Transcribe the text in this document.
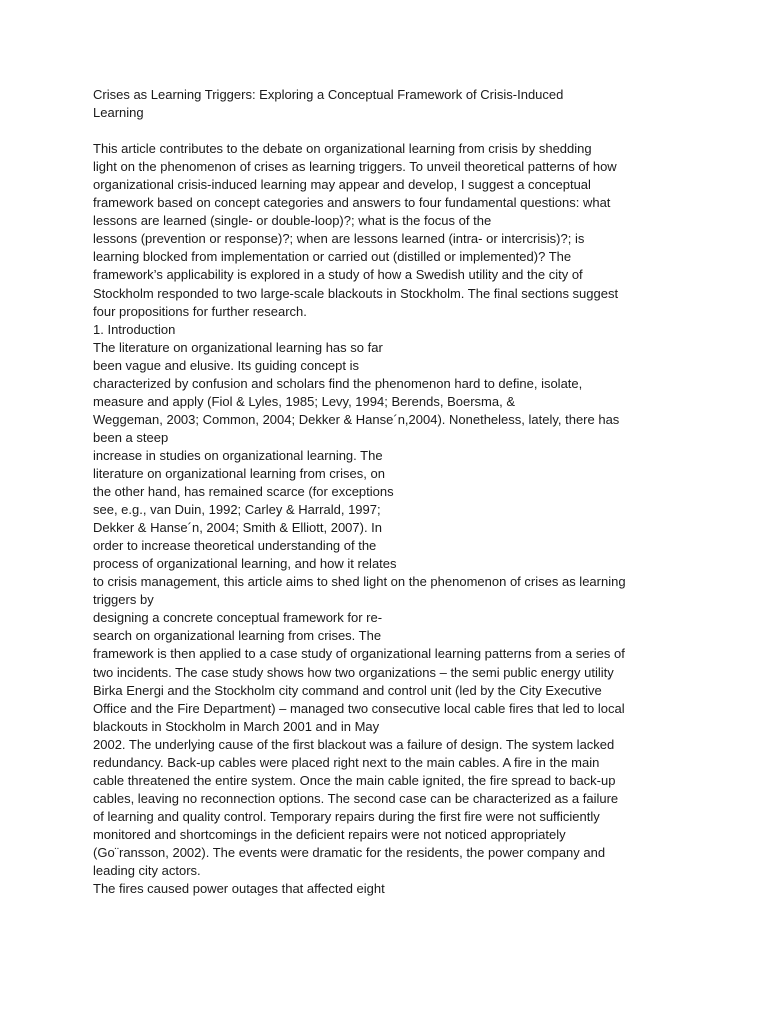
Crises as Learning Triggers: Exploring a Conceptual Framework of Crisis-Induced
Learning
This article contributes to the debate on organizational learning from crisis by shedding
light on the phenomenon of crises as learning triggers. To unveil theoretical patterns of how
organizational crisis-induced learning may appear and develop, I suggest a conceptual
framework based on concept categories and answers to four fundamental questions: what
lessons are learned (single- or double-loop)?; what is the focus of the
lessons (prevention or response)?; when are lessons learned (intra- or intercrisis)?; is
learning blocked from implementation or carried out (distilled or implemented)? The
framework’s applicability is explored in a study of how a Swedish utility and the city of
Stockholm responded to two large-scale blackouts in Stockholm. The final sections suggest
four propositions for further research.
1. Introduction
The literature on organizational learning has so far
been vague and elusive. Its guiding concept is
characterized by confusion and scholars find the phenomenon hard to define, isolate,
measure and apply (Fiol & Lyles, 1985; Levy, 1994; Berends, Boersma, &
Weggeman, 2003; Common, 2004; Dekker & Hanse´n,2004). Nonetheless, lately, there has
been a steep
increase in studies on organizational learning. The
literature on organizational learning from crises, on
the other hand, has remained scarce (for exceptions
see, e.g., van Duin, 1992; Carley & Harrald, 1997;
Dekker & Hanse´n, 2004; Smith & Elliott, 2007). In
order to increase theoretical understanding of the
process of organizational learning, and how it relates
to crisis management, this article aims to shed light on the phenomenon of crises as learning
triggers by
designing a concrete conceptual framework for re-
search on organizational learning from crises. The
framework is then applied to a case study of organizational learning patterns from a series of
two incidents. The case study shows how two organizations – the semi public energy utility
Birka Energi and the Stockholm city command and control unit (led by the City Executive
Office and the Fire Department) – managed two consecutive local cable fires that led to local
blackouts in Stockholm in March 2001 and in May
2002. The underlying cause of the first blackout was a failure of design. The system lacked
redundancy. Back-up cables were placed right next to the main cables. A fire in the main
cable threatened the entire system. Once the main cable ignited, the fire spread to back-up
cables, leaving no reconnection options. The second case can be characterized as a failure
of learning and quality control. Temporary repairs during the first fire were not sufficiently
monitored and shortcomings in the deficient repairs were not noticed appropriately
(Go¨ransson, 2002). The events were dramatic for the residents, the power company and
leading city actors.
The fires caused power outages that affected eight
